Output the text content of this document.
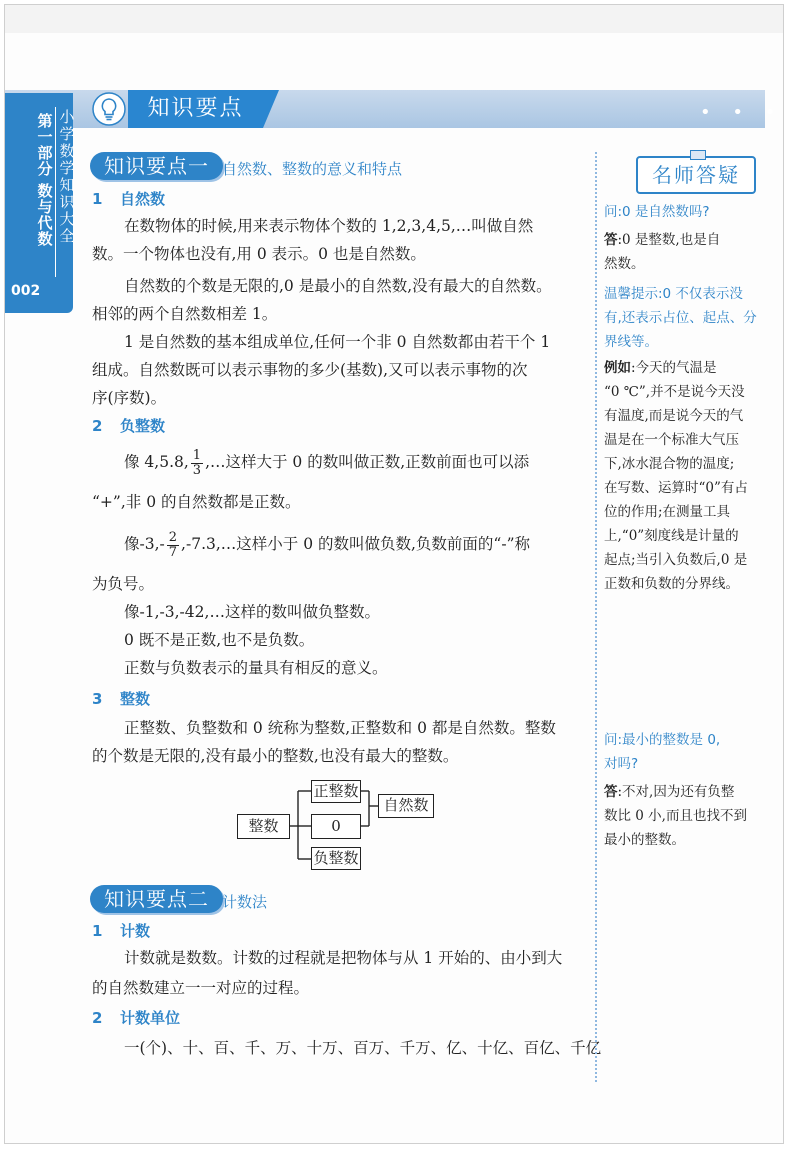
知识要点	• • •
第
一
部
分
数
与
代
数
小
学
数
学
知
识
大
全
002
知识要点一 自然数、整数的意义和特点
1 自然数
在数物体的时候,用来表示物体个数的 1,2,3,4,5,…叫做自然
数。一个物体也没有,用 0 表示。0 也是自然数。
自然数的个数是无限的,0 是最小的自然数,没有最大的自然数。
相邻的两个自然数相差 1。
1 是自然数的基本组成单位,任何一个非 0 自然数都由若干个 1
组成。自然数既可以表示事物的多少(基数),又可以表示事物的次
序(序数)。
2 负整数
像 4,5.8, $\frac{1}{3}$ ,…这样大于 0 的数叫做正数,正数前面也可以添
“+”,非 0 的自然数都是正数。
像$-3,- \frac{2}{7}$ ,-7.3,…这样小于 0 的数叫做负数,负数前面的“-”称
为负号。
像-1,-3,-42,…这样的数叫做负整数。
0 既不是正数,也不是负数。
正数与负数表示的量具有相反的意义。
3 整数
正整数、负整数和 0 统称为整数,正整数和 0 都是自然数。整数
的个数是无限的,没有最小的整数,也没有最大的整数。
整数
正整数
0
负整数
自然数
知识要点二 计数法
1 计数
计数就是数数。计数的过程就是把物体与从 1 开始的、由小到大
的自然数建立一一对应的过程。
2 计数单位
一(个)、十、百、千、万、十万、百万、千万、亿、十亿、百亿、千亿
名师答疑
问:0 是自然数吗?
答:0 是整数,也是自
然数。
温馨提示:0 不仅表示没
有,还表示占位、起点、分
界线等。
例如:今天的气温是
“0 ℃”,并不是说今天没
有温度,而是说今天的气
温是在一个标准大气压
下,冰水混合物的温度;
在写数、运算时“0”有占
位的作用;在测量工具
上,“0”刻度线是计量的
起点;当引入负数后,0 是
正数和负数的分界线。
问:最小的整数是 0,
对吗?
答:不对,因为还有负整
数比 0 小,而且也找不到
最小的整数。
